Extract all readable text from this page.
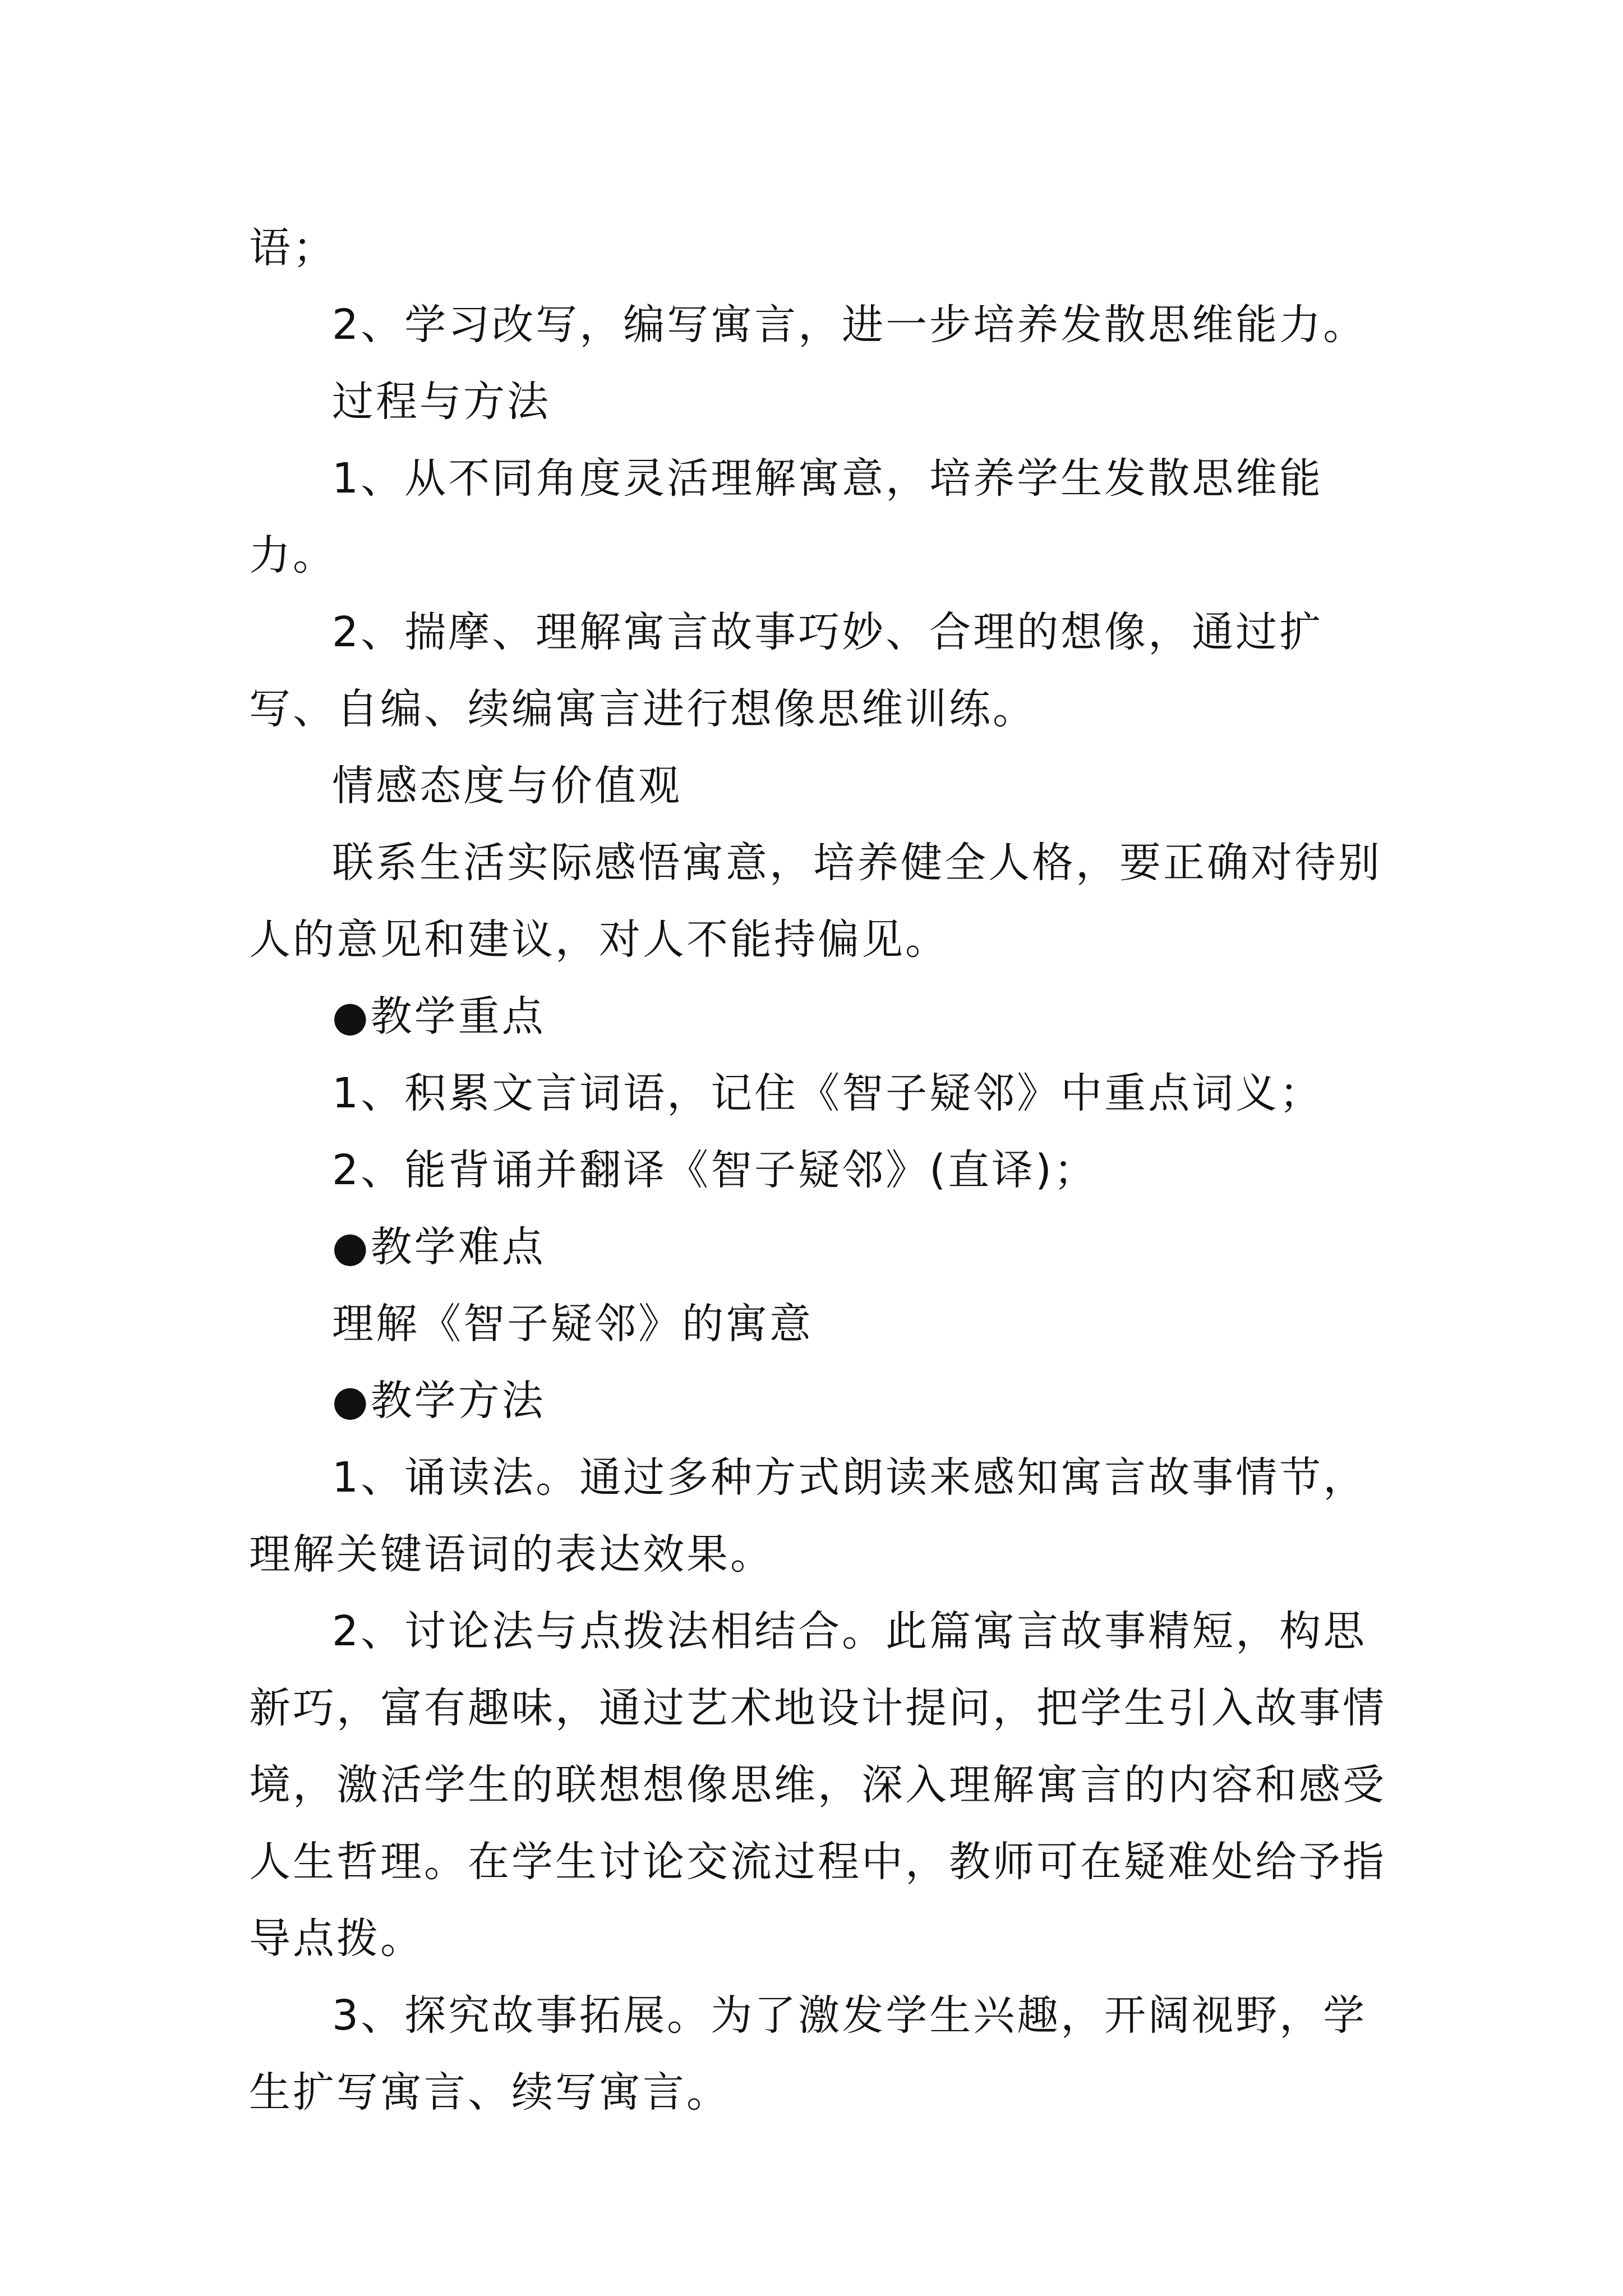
语；

2、学习改写，编写寓言，进一步培养发散思维能力。

过程与方法

1、从不同角度灵活理解寓意，培养学生发散思维能力。

2、揣摩、理解寓言故事巧妙、合理的想像，通过扩写、自编、续编寓言进行想像思维训练。

情感态度与价值观

联系生活实际感悟寓意，培养健全人格，要正确对待别人的意见和建议，对人不能持偏见。

●教学重点

1、积累文言词语，记住《智子疑邻》中重点词义；

2、能背诵并翻译《智子疑邻》(直译)；

●教学难点

理解《智子疑邻》的寓意

●教学方法

1、诵读法。通过多种方式朗读来感知寓言故事情节，理解关键语词的表达效果。

2、讨论法与点拨法相结合。此篇寓言故事精短，构思新巧，富有趣味，通过艺术地设计提问，把学生引入故事情境，激活学生的联想想像思维，深入理解寓言的内容和感受人生哲理。在学生讨论交流过程中，教师可在疑难处给予指导点拨。

3、探究故事拓展。为了激发学生兴趣，开阔视野，学生扩写寓言、续写寓言。
